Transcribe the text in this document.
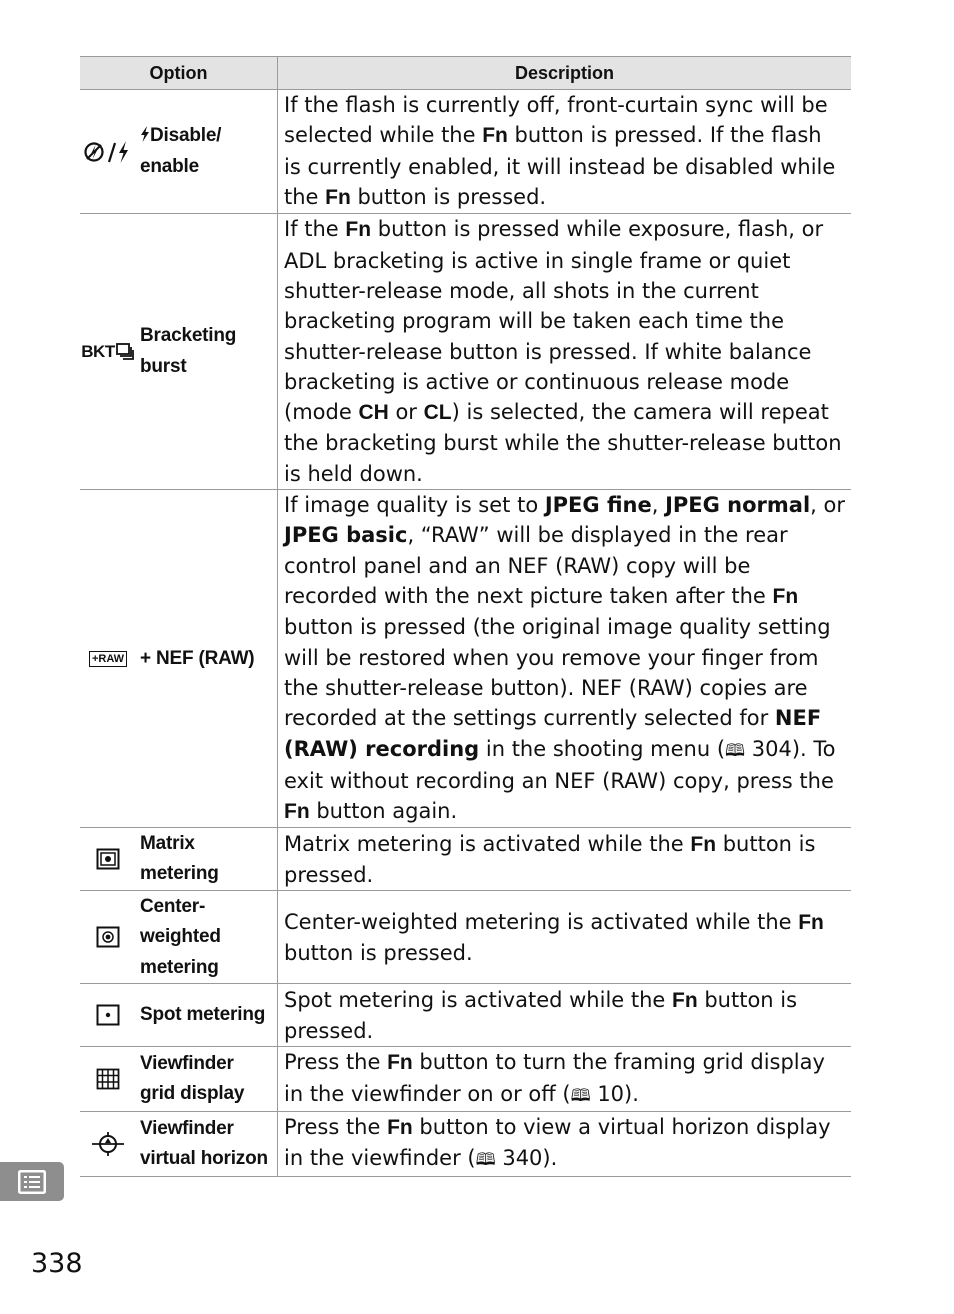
Option	Description

Disable/ enable	If the flash is currently off, front-curtain sync will be selected while the Fn button is pressed. If the flash is currently enabled, it will instead be disabled while the Fn button is pressed.

BKT
Bracketing burst	If the Fn button is pressed while exposure, flash, or ADL bracketing is active in single frame or quiet shutter-release mode, all shots in the current bracketing program will be taken each time the shutter-release button is pressed. If white balance bracketing is active or continuous release mode (mode CH or CL) is selected, the camera will repeat the bracketing burst while the shutter-release button is held down.

+RAW + NEF (RAW)	If image quality is set to JPEG fine, JPEG normal, or JPEG basic, “RAW” will be displayed in the rear control panel and an NEF (RAW) copy will be recorded with the next picture taken after the Fn button is pressed (the original image quality setting will be restored when you remove your finger from the shutter-release button). NEF (RAW) copies are recorded at the settings currently selected for NEF (RAW) recording in the shooting menu (🕮 304). To exit without recording an NEF (RAW) copy, press the Fn button again.

Matrix metering	Matrix metering is activated while the Fn button is pressed.

Center-weighted metering	Center-weighted metering is activated while the Fn button is pressed.

Spot metering	Spot metering is activated while the Fn button is pressed.

Viewfinder grid display	Press the Fn button to turn the framing grid display in the viewfinder on or off (🕮 10).

Viewfinder virtual horizon	Press the Fn button to view a virtual horizon display in the viewfinder (🕮 340).
338
